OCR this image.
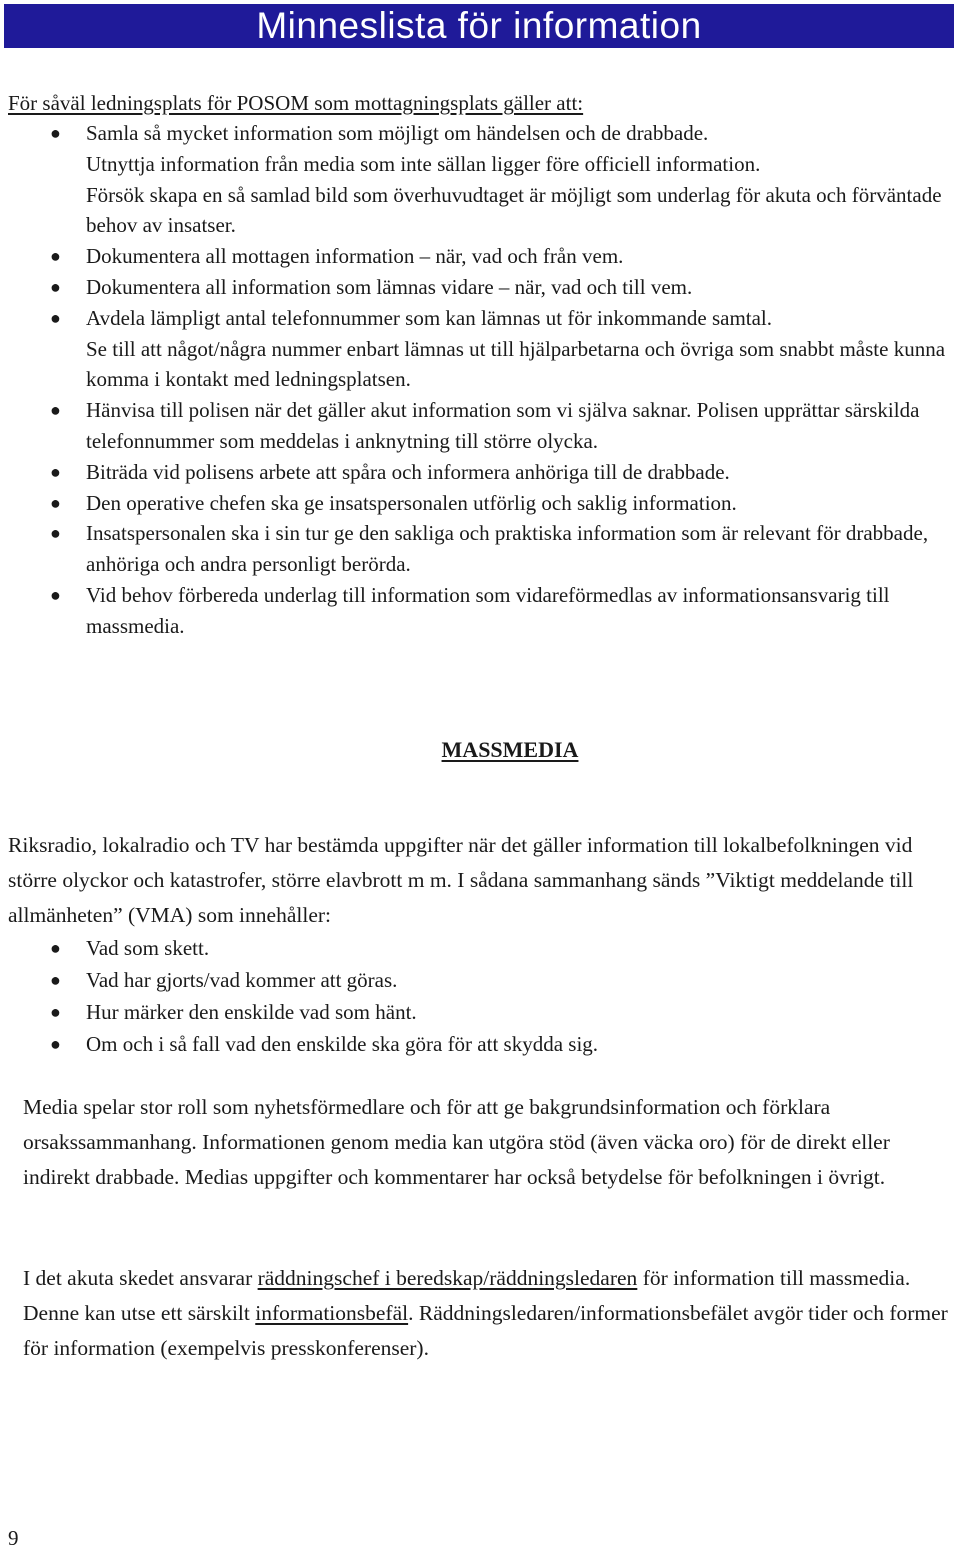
Minneslista för information
För såväl ledningsplats för POSOM som mottagningsplats gäller att:
● Samla så mycket information som möjligt om händelsen och de drabbade.
Utnyttja information från media som inte sällan ligger före officiell information.
Försök skapa en så samlad bild som överhuvudtaget är möjligt som underlag för akuta och förväntade behov av insatser.
● Dokumentera all mottagen information – när, vad och från vem.
● Dokumentera all information som lämnas vidare – när, vad och till vem.
● Avdela lämpligt antal telefonnummer som kan lämnas ut för inkommande samtal.
Se till att något/några nummer enbart lämnas ut till hjälparbetarna och övriga som snabbt måste kunna komma i kontakt med ledningsplatsen.
● Hänvisa till polisen när det gäller akut information som vi själva saknar. Polisen upprättar särskilda telefonnummer som meddelas i anknytning till större olycka.
● Biträda vid polisens arbete att spåra och informera anhöriga till de drabbade.
● Den operative chefen ska ge insatspersonalen utförlig och saklig information.
● Insatspersonalen ska i sin tur ge den sakliga och praktiska information som är relevant för drabbade, anhöriga och andra personligt berörda.
● Vid behov förbereda underlag till information som vidareförmedlas av informationsansvarig till massmedia.
MASSMEDIA
Riksradio, lokalradio och TV har bestämda uppgifter när det gäller information till lokalbefolkningen vid större olyckor och katastrofer, större elavbrott m m. I sådana sammanhang sänds ”Viktigt meddelande till allmänheten” (VMA) som innehåller:
● Vad som skett.
● Vad har gjorts/vad kommer att göras.
● Hur märker den enskilde vad som hänt.
● Om och i så fall vad den enskilde ska göra för att skydda sig.
Media spelar stor roll som nyhetsförmedlare och för att ge bakgrundsinformation och förklara orsakssammanhang. Informationen genom media kan utgöra stöd (även väcka oro) för de direkt eller indirekt drabbade. Medias uppgifter och kommentarer har också betydelse för befolkningen i övrigt.
I det akuta skedet ansvarar räddningschef i beredskap/räddningsledaren för information till massmedia.
Denne kan utse ett särskilt informationsbefäl. Räddningsledaren/informationsbefälet avgör tider och former för information (exempelvis presskonferenser).
9
